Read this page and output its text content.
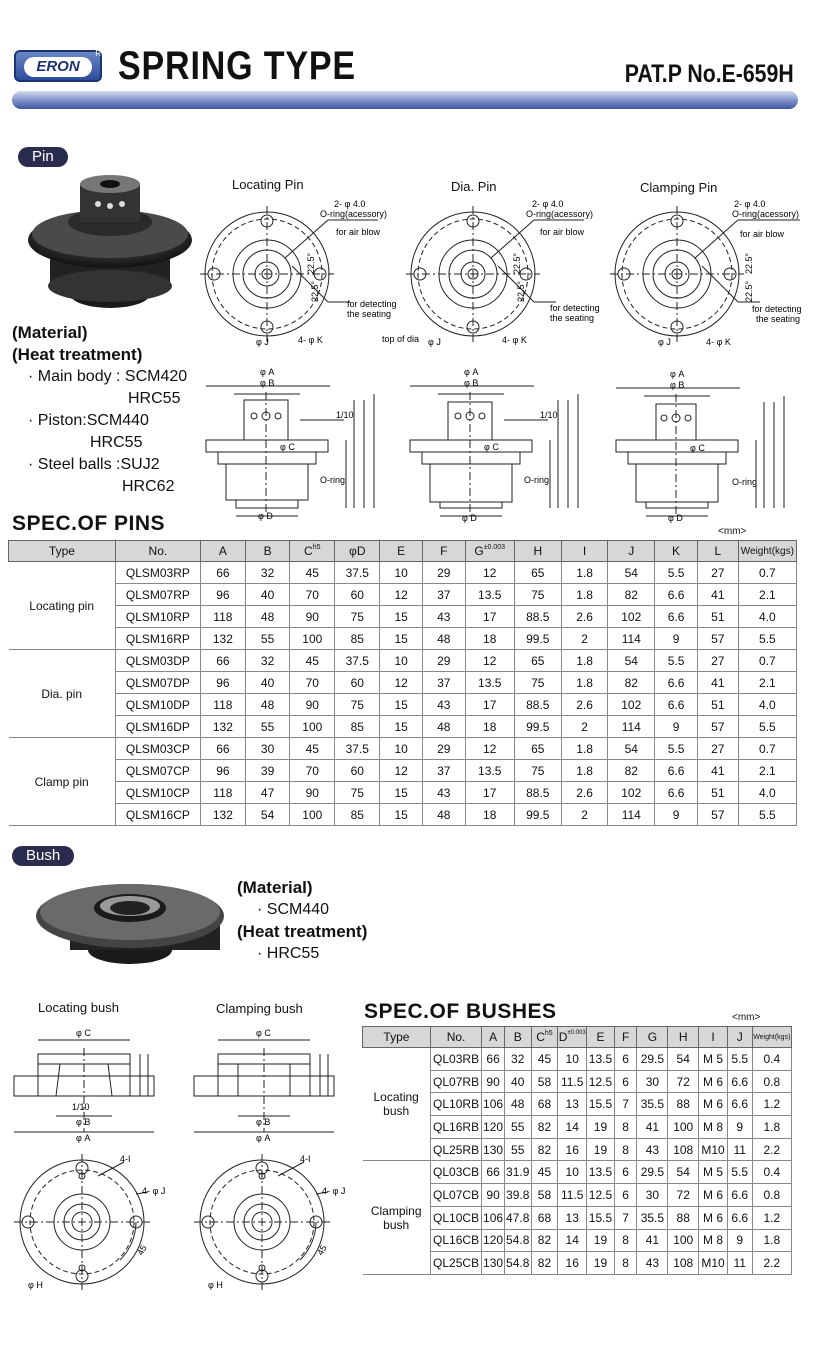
ERON
R SPRING TYPE	PAT.P No.E-659H
Pin
(Material)
(Heat treatment)
· Main body : SCM420
HRC55
· Piston:SCM440
HRC55
· Steel balls :SUJ2
HRC62
Locating Pin	Dia. Pin	Clamping Pin
2- φ 4.0
O-ring(acessory)
for air blow
22.5°
22.5°
for detecting
the seating
φ J	4- φ K
2- φ 4.0
O-ring(acessory)
for air blow
22.5°
22.5°
for detecting
the seating
top of dia φ J	4- φ K
2- φ 4.0
O-ring(acessory)
for air blow
22.5°
22.5°
for detecting
the seating
φ J	4- φ K
φ A
φ B
1/10
φ C
O-ring
φ D
φ A
φ B
1/10
φ C
O-ring
φ D
φ A
φ B
φ C
O-ring
φ D
SPEC.OF PINS	<mm>
Type	No.	A	B	$C^{h5}$	φD	E	F	$G^{\pm 0.003}$	H	I	J	K	L	Weight(kgs)
Locating pin	QLSM03RP	66	32	45	37.5	10	29	12	65	1.8	54	5.5	27	0.7
	QLSM07RP	96	40	70	60	12	37	13.5	75	1.8	82	6.6	41	2.1
	QLSM10RP	118	48	90	75	15	43	17	88.5	2.6	102	6.6	51	4.0
	QLSM16RP	132	55	100	85	15	48	18	99.5	2	114	9	57	5.5
Dia. pin	QLSM03DP	66	32	45	37.5	10	29	12	65	1.8	54	5.5	27	0.7
	QLSM07DP	96	40	70	60	12	37	13.5	75	1.8	82	6.6	41	2.1
	QLSM10DP	118	48	90	75	15	43	17	88.5	2.6	102	6.6	51	4.0
	QLSM16DP	132	55	100	85	15	48	18	99.5	2	114	9	57	5.5
Clamp pin	QLSM03CP	66	30	45	37.5	10	29	12	65	1.8	54	5.5	27	0.7
	QLSM07CP	96	39	70	60	12	37	13.5	75	1.8	82	6.6	41	2.1
	QLSM10CP	118	47	90	75	15	43	17	88.5	2.6	102	6.6	51	4.0
	QLSM16CP	132	54	100	85	15	48	18	99.5	2	114	9	57	5.5
Bush
(Material)
· SCM440
(Heat treatment)
· HRC55
Locating bush	Clamping bush
φ C
1/10
φ B
φ A
φ C
φ B
φ A
4-I
4- φ J
45
φ H
4-I
4- φ J
45
φ H
SPEC.OF BUSHES	<mm>
Type	No.	A	B	$C^{h5}$	$D^{\pm 0.003}$	E	F	G	H	I	J	Weight(kgs)
Locating bush	QL03RB	66	32	45	10	13.5	6	29.5	54	M 5	5.5	0.4
	QL07RB	90	40	58	11.5	12.5	6	30	72	M 6	6.6	0.8
	QL10RB	106	48	68	13	15.5	7	35.5	88	M 6	6.6	1.2
	QL16RB	120	55	82	14	19	8	41	100	M 8	9	1.8
	QL25RB	130	55	82	16	19	8	43	108	M10	11	2.2
Clamping bush	QL03CB	66	31.9	45	10	13.5	6	29.5	54	M 5	5.5	0.4
	QL07CB	90	39.8	58	11.5	12.5	6	30	72	M 6	6.6	0.8
	QL10CB	106	47.8	68	13	15.5	7	35.5	88	M 6	6.6	1.2
	QL16CB	120	54.8	82	14	19	8	41	100	M 8	9	1.8
	QL25CB	130	54.8	82	16	19	8	43	108	M10	11	2.2
